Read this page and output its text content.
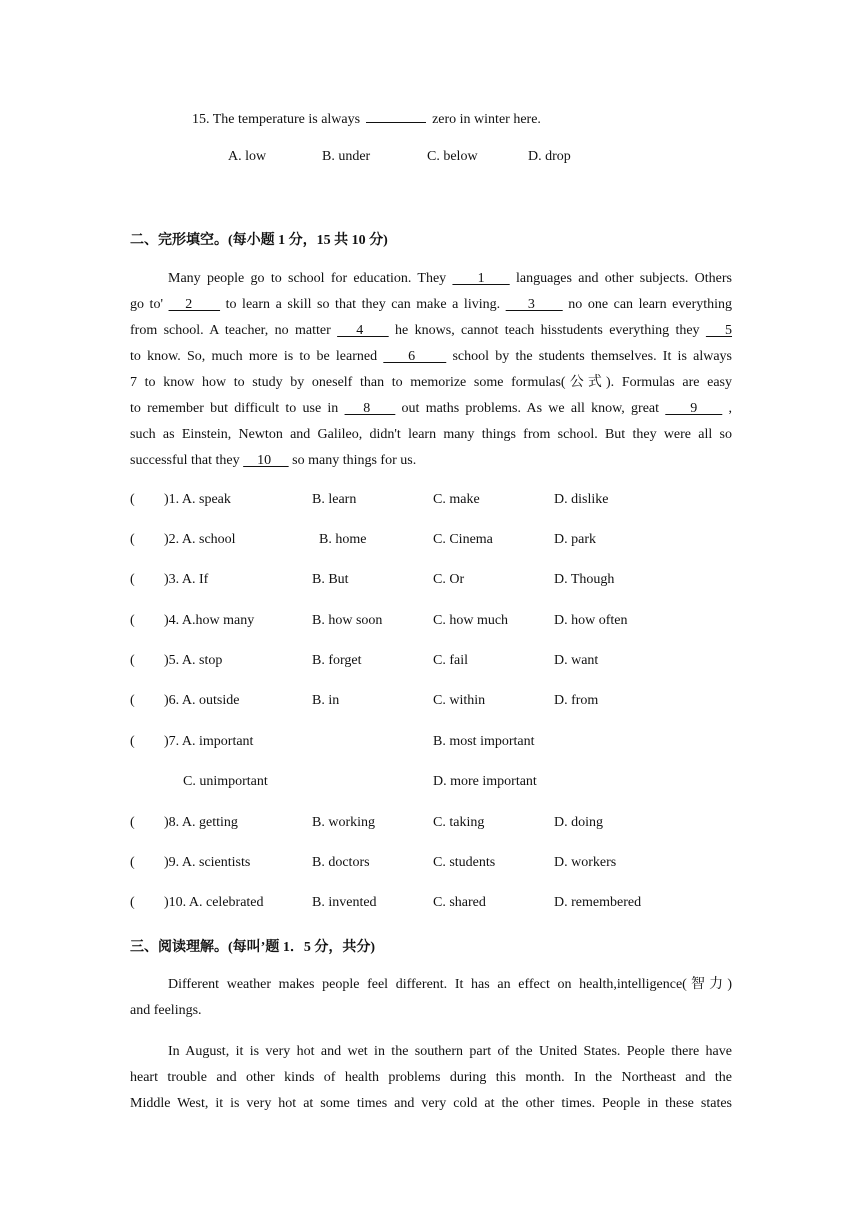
15. The temperature is always	zero in winter here.
A. low	B. under	C. below	D. drop
二、完形填空。(每小题 1 分，15 共 10 分)
Many people go to school for education. They     1     languages and other subjects. Others
go to'    2      to learn a skill so that they can make a living.     3      no one can learn everything
from school. A teacher, no matter    4     he knows, cannot teach hisstudents everything they    5
to know. So, much more is to be learned     6      school by the students themselves. It is always
7 to know how to study by oneself than to memorize some formulas(公式). Formulas are easy
to remember but difficult to use in    8     out maths problems. As we all know, great     9     ,
such as Einstein, Newton and Galileo, didn't learn many things from school. But they were all so
successful that they     10      so many things for us.
( )1. A. speak	B. learn	C. make	D. dislike
( )2. A. school	B. home	C. Cinema	D. park
( )3. A. If	B. But	C. Or	D. Though
( )4. A.how many	B. how soon	C. how much	D. how often
( )5. A. stop	B. forget	C. fail	D. want
( )6. A. outside	B. in	C. within	D. from
( )7. A. important	B. most important
C. unimportant	D. more important
( )8. A. getting	B. working	C. taking	D. doing
( )9. A. scientists	B. doctors	C. students	D. workers
( )10. A. celebrated	B. invented	C. shared	D. remembered
三、阅读理解。(每叫’题 1．5 分，共分)
Different weather makes people feel different. It has an effect on health,intelligence(智力)
and feelings.
In August, it is very hot and wet in the southern part of the United States. People there have
heart trouble and other kinds of health problems during this month. In the Northeast and the
Middle West, it is very hot at some times and very cold at the other times. People in these states
